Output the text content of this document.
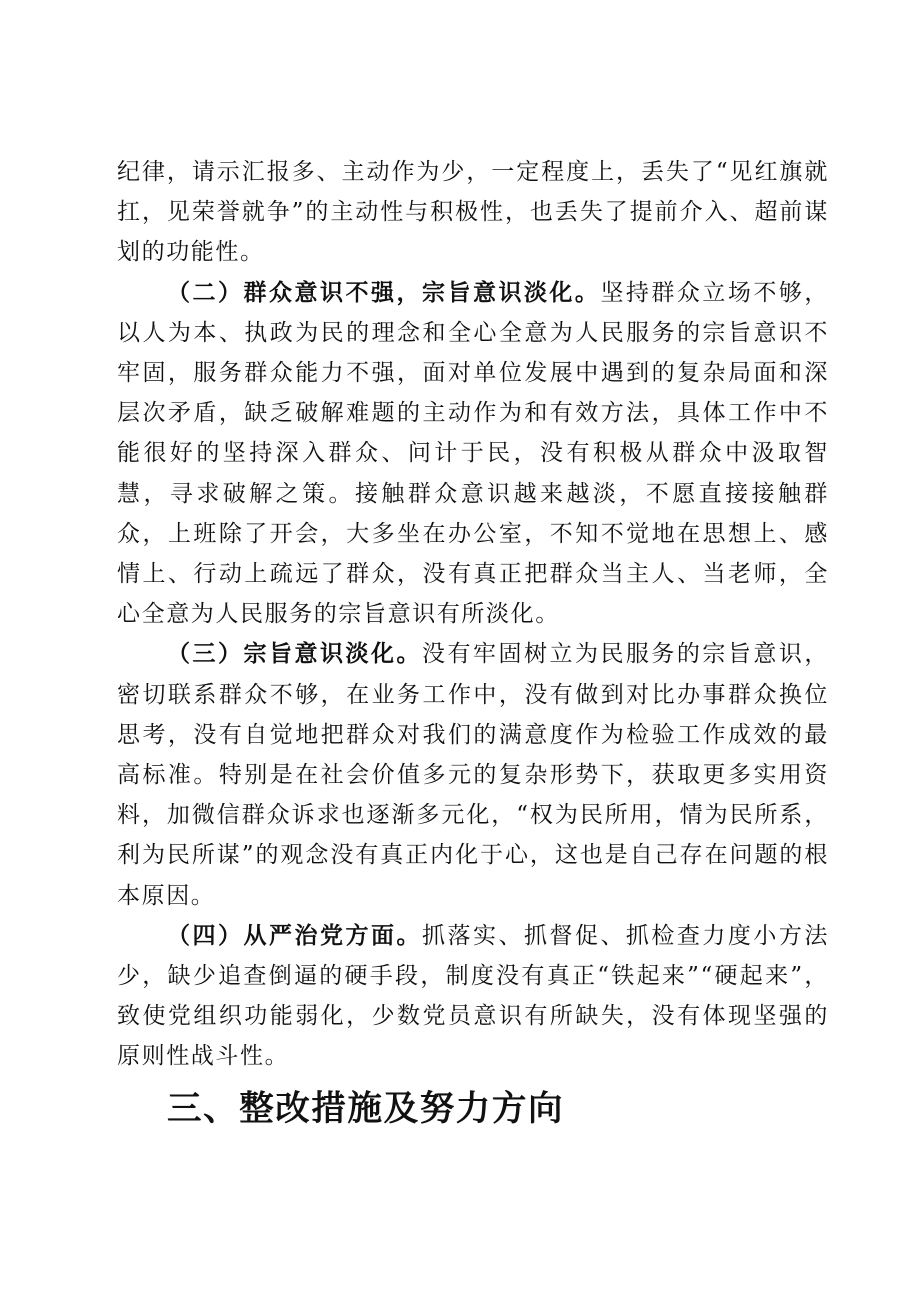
纪律，请示汇报多、主动作为少，一定程度上，丢失了“见红旗就扛，见荣誉就争”的主动性与积极性，也丢失了提前介入、超前谋划的功能性。

（二）群众意识不强，宗旨意识淡化。坚持群众立场不够，以人为本、执政为民的理念和全心全意为人民服务的宗旨意识不牢固，服务群众能力不强，面对单位发展中遇到的复杂局面和深层次矛盾，缺乏破解难题的主动作为和有效方法，具体工作中不能很好的坚持深入群众、问计于民，没有积极从群众中汲取智慧，寻求破解之策。接触群众意识越来越淡，不愿直接接触群众，上班除了开会，大多坐在办公室，不知不觉地在思想上、感情上、行动上疏远了群众，没有真正把群众当主人、当老师，全心全意为人民服务的宗旨意识有所淡化。

（三）宗旨意识淡化。没有牢固树立为民服务的宗旨意识，密切联系群众不够，在业务工作中，没有做到对比办事群众换位思考，没有自觉地把群众对我们的满意度作为检验工作成效的最高标准。特别是在社会价值多元的复杂形势下，获取更多实用资料，加微信群众诉求也逐渐多元化，“权为民所用，情为民所系，利为民所谋”的观念没有真正内化于心，这也是自己存在问题的根本原因。

（四）从严治党方面。抓落实、抓督促、抓检查力度小方法少，缺少追查倒逼的硬手段，制度没有真正“铁起来”“硬起来”，致使党组织功能弱化，少数党员意识有所缺失，没有体现坚强的原则性战斗性。

三、整改措施及努力方向
